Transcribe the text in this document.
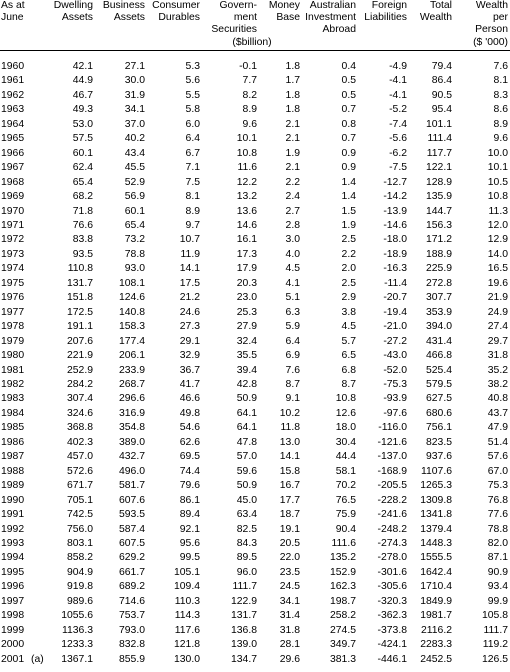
As at	Dwelling	Business	Consumer	Govern-	Money	Australian	Foreign	Total	Wealth
June	Assets	Assets	Durables	ment	Base	Investment	Liabilities	Wealth	per
				Securities		Abroad			Person
				($billion)					($ '000)

1960	42.1	27.1	5.3	-0.1	1.8	0.4	-4.9	79.4	7.6
1961	44.9	30.0	5.6	7.7	1.7	0.5	-4.1	86.4	8.1
1962	46.7	31.9	5.5	8.2	1.8	0.5	-4.1	90.5	8.3
1963	49.3	34.1	5.8	8.9	1.8	0.7	-5.2	95.4	8.6
1964	53.0	37.0	6.0	9.6	2.1	0.8	-7.4	101.1	8.9
1965	57.5	40.2	6.4	10.1	2.1	0.7	-5.6	111.4	9.6
1966	60.1	43.4	6.7	10.8	1.9	0.9	-6.2	117.7	10.0
1967	62.4	45.5	7.1	11.6	2.1	0.9	-7.5	122.1	10.1
1968	65.4	52.9	7.5	12.2	2.2	1.4	-12.7	128.9	10.5
1969	68.2	56.9	8.1	13.2	2.4	1.4	-14.2	135.9	10.8
1970	71.8	60.1	8.9	13.6	2.7	1.5	-13.9	144.7	11.3
1971	76.6	65.4	9.7	14.6	2.8	1.9	-14.6	156.3	12.0
1972	83.8	73.2	10.7	16.1	3.0	2.5	-18.0	171.2	12.9
1973	93.5	78.8	11.9	17.3	4.0	2.2	-18.9	188.9	14.0
1974	110.8	93.0	14.1	17.9	4.5	2.0	-16.3	225.9	16.5
1975	131.7	108.1	17.5	20.3	4.1	2.5	-11.4	272.8	19.6
1976	151.8	124.6	21.2	23.0	5.1	2.9	-20.7	307.7	21.9
1977	172.5	140.8	24.6	25.3	6.3	3.8	-19.4	353.9	24.9
1978	191.1	158.3	27.3	27.9	5.9	4.5	-21.0	394.0	27.4
1979	207.6	177.4	29.1	32.4	6.4	5.7	-27.2	431.4	29.7
1980	221.9	206.1	32.9	35.5	6.9	6.5	-43.0	466.8	31.8
1981	252.9	233.9	36.7	39.4	7.6	6.8	-52.0	525.4	35.2
1982	284.2	268.7	41.7	42.8	8.7	8.7	-75.3	579.5	38.2
1983	307.4	296.6	46.6	50.9	9.1	10.8	-93.9	627.5	40.8
1984	324.6	316.9	49.8	64.1	10.2	12.6	-97.6	680.6	43.7
1985	368.8	354.8	54.6	64.1	11.8	18.0	-116.0	756.1	47.9
1986	402.3	389.0	62.6	47.8	13.0	30.4	-121.6	823.5	51.4
1987	457.0	432.7	69.5	57.0	14.1	44.4	-137.0	937.6	57.6
1988	572.6	496.0	74.4	59.6	15.8	58.1	-168.9	1107.6	67.0
1989	671.7	581.7	79.6	50.9	16.7	70.2	-205.5	1265.3	75.3
1990	705.1	607.6	86.1	45.0	17.7	76.5	-228.2	1309.8	76.8
1991	742.5	593.5	89.4	63.4	18.7	75.9	-241.6	1341.8	77.6
1992	756.0	587.4	92.1	82.5	19.1	90.4	-248.2	1379.4	78.8
1993	803.1	607.5	95.6	84.3	20.5	111.6	-274.3	1448.3	82.0
1994	858.2	629.2	99.5	89.5	22.0	135.2	-278.0	1555.5	87.1
1995	904.9	661.7	105.1	96.0	23.5	152.9	-301.6	1642.4	90.9
1996	919.8	689.2	109.4	111.7	24.5	162.3	-305.6	1710.4	93.4
1997	989.6	714.6	110.3	122.9	34.1	198.7	-320.3	1849.9	99.9
1998	1055.6	753.7	114.3	131.7	31.4	258.2	-362.3	1981.7	105.8
1999	1136.3	793.0	117.6	136.8	31.8	274.5	-373.8	2116.2	111.7
2000	1233.3	832.8	121.8	139.0	28.1	349.7	-424.1	2283.3	119.2
2001 (a)	1367.1	855.9	130.0	134.7	29.6	381.3	-446.1	2452.5	126.5
